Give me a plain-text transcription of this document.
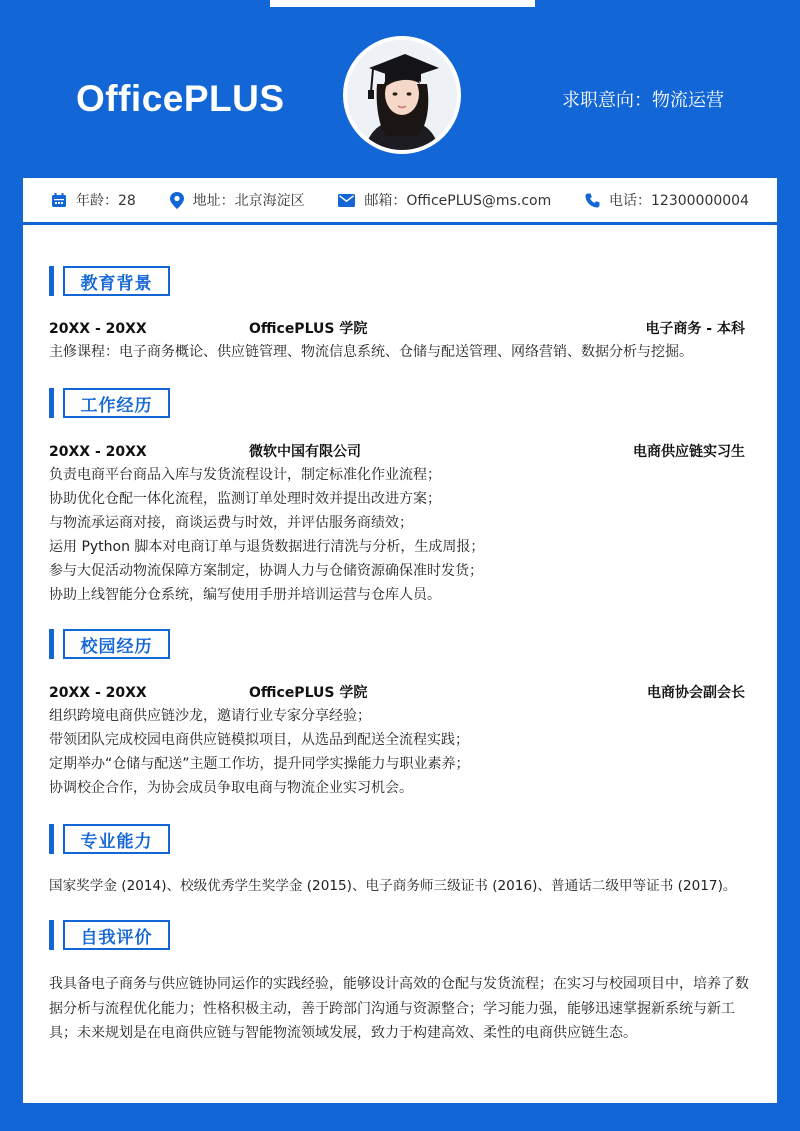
OfficePLUS	求职意向：物流运营
年龄：28	地址：北京海淀区	邮箱：OfficePLUS@ms.com	电话：12300000004
教育背景
20XX - 20XX	OfficePLUS 学院	电子商务 - 本科
主修课程：电子商务概论、供应链管理、物流信息系统、仓储与配送管理、网络营销、数据分析与挖掘。
工作经历
20XX - 20XX	微软中国有限公司	电商供应链实习生
负责电商平台商品入库与发货流程设计，制定标准化作业流程；
协助优化仓配一体化流程，监测订单处理时效并提出改进方案；
与物流承运商对接，商谈运费与时效，并评估服务商绩效；
运用 Python 脚本对电商订单与退货数据进行清洗与分析，生成周报；
参与大促活动物流保障方案制定，协调人力与仓储资源确保准时发货；
协助上线智能分仓系统，编写使用手册并培训运营与仓库人员。
校园经历
20XX - 20XX	OfficePLUS 学院	电商协会副会长
组织跨境电商供应链沙龙，邀请行业专家分享经验；
带领团队完成校园电商供应链模拟项目，从选品到配送全流程实践；
定期举办“仓储与配送”主题工作坊，提升同学实操能力与职业素养；
协调校企合作，为协会成员争取电商与物流企业实习机会。
专业能力
国家奖学金 (2014)、校级优秀学生奖学金 (2015)、电子商务师三级证书 (2016)、普通话二级甲等证书 (2017)。
自我评价
我具备电子商务与供应链协同运作的实践经验，能够设计高效的仓配与发货流程；在实习与校园项目中，培养了数据分析与流程优化能力；性格积极主动，善于跨部门沟通与资源整合；学习能力强，能够迅速掌握新系统与新工具；未来规划是在电商供应链与智能物流领域发展，致力于构建高效、柔性的电商供应链生态。
